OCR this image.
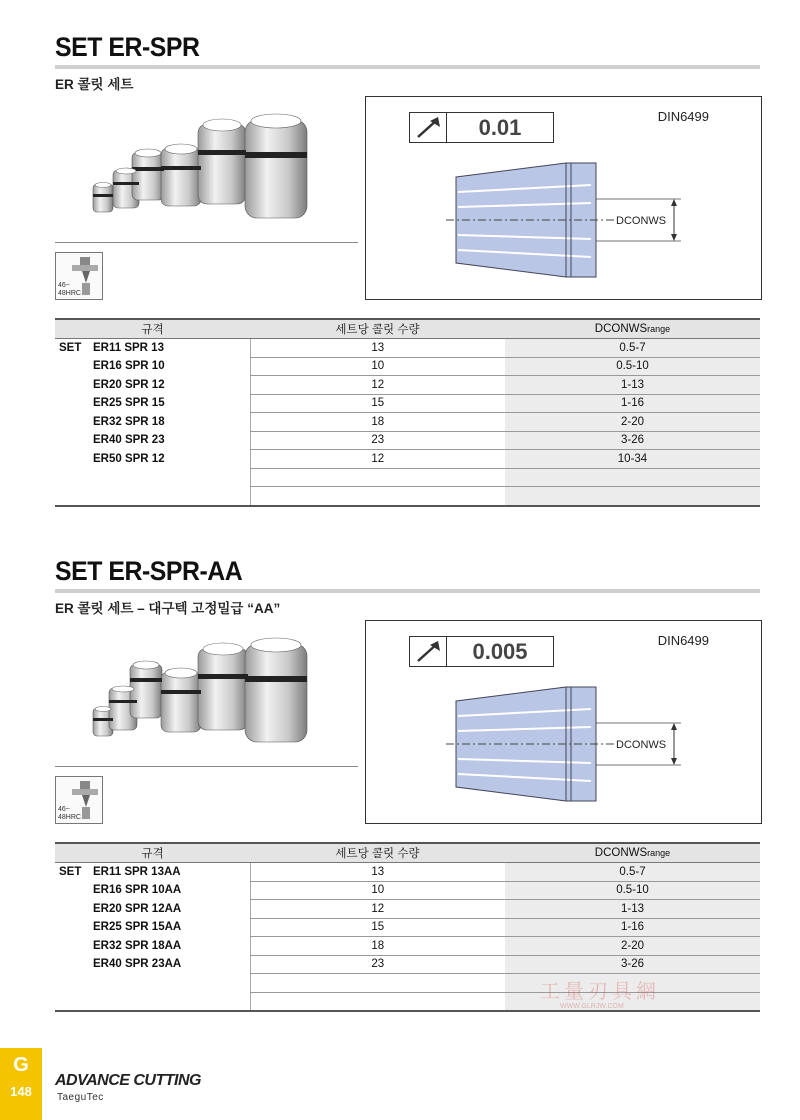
SET ER-SPR
ER 콜릿 세트
46~
48HRC
0.01	DIN6499
DCONWS
규격	세트당 콜릿 수량	DCONWSrange
SET ER11 SPR 13	13	0.5-7
ER16 SPR 10	10	0.5-10
ER20 SPR 12	12	1-13
ER25 SPR 15	15	1-16
ER32 SPR 18	18	2-20
ER40 SPR 23	23	3-26
ER50 SPR 12	12	10-34

SET ER-SPR-AA
ER 콜릿 세트 – 대구텍 고정밀급 “AA”
46~
48HRC
0.005	DIN6499
DCONWS
규격	세트당 콜릿 수량	DCONWSrange
SET ER11 SPR 13AA	13	0.5-7
ER16 SPR 10AA	10	0.5-10
ER20 SPR 12AA	12	1-13
ER25 SPR 15AA	15	1-16
ER32 SPR 18AA	18	2-20
ER40 SPR 23AA	23	3-26

工量刃具網
WWW.GLRJW.COM
G
148
ADVANCE CUTTING
TaeguTec
